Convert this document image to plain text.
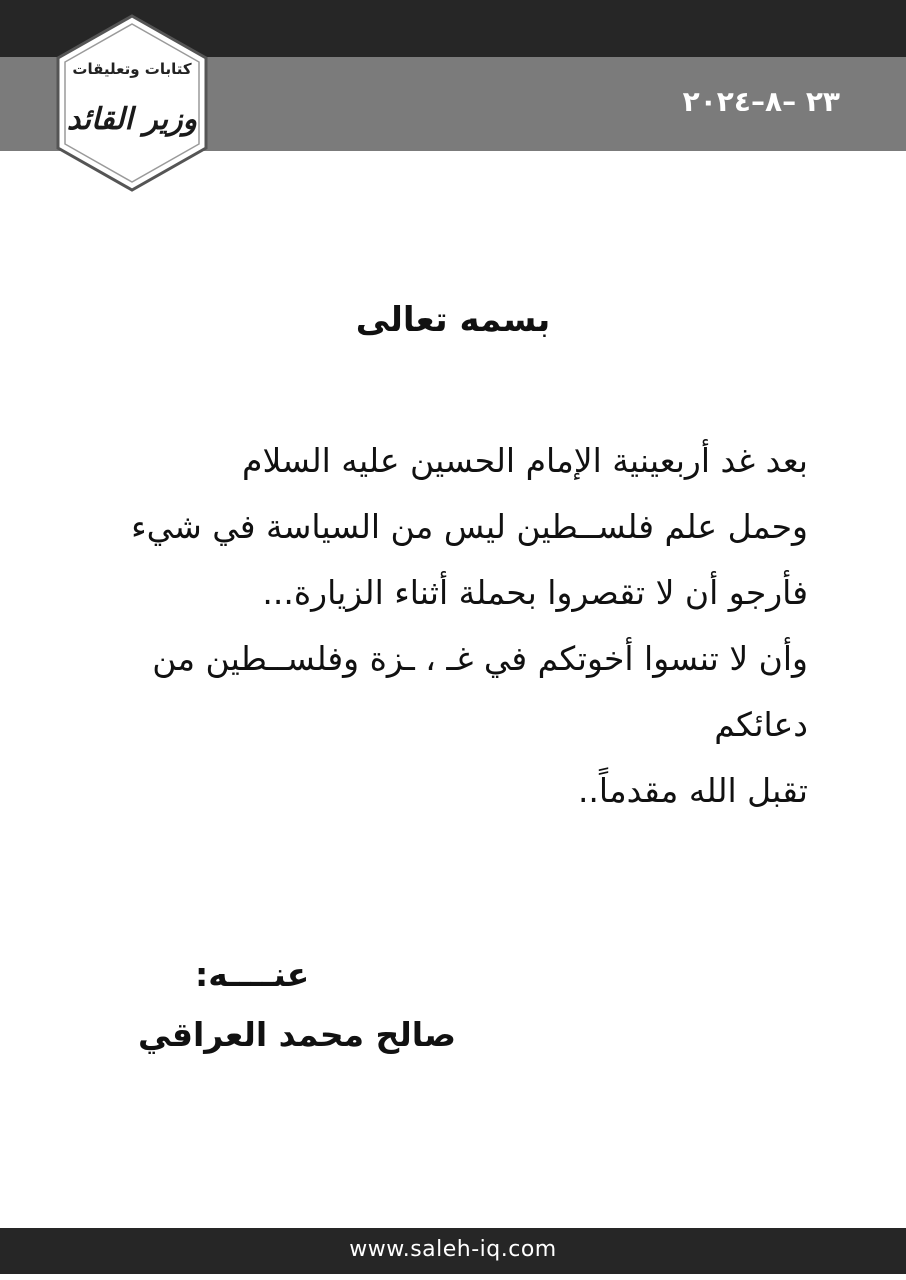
٢٣ –٨–٢٠٢٤
كتابات وتعليقات
وزير القائد
بسمه تعالى
بعد غد أربعينية الإمام الحسين عليه السلام
وحمل علم فلســطين ليس من السياسة في شيء
فأرجو أن لا تقصروا بحملة أثناء الزيارة...
وأن لا تنسوا أخوتكم في غـ ، ـزة وفلســطين من
دعائكم
تقبل الله مقدماً..
عنــــه:
صالح محمد العراقي
www.saleh-iq.com
